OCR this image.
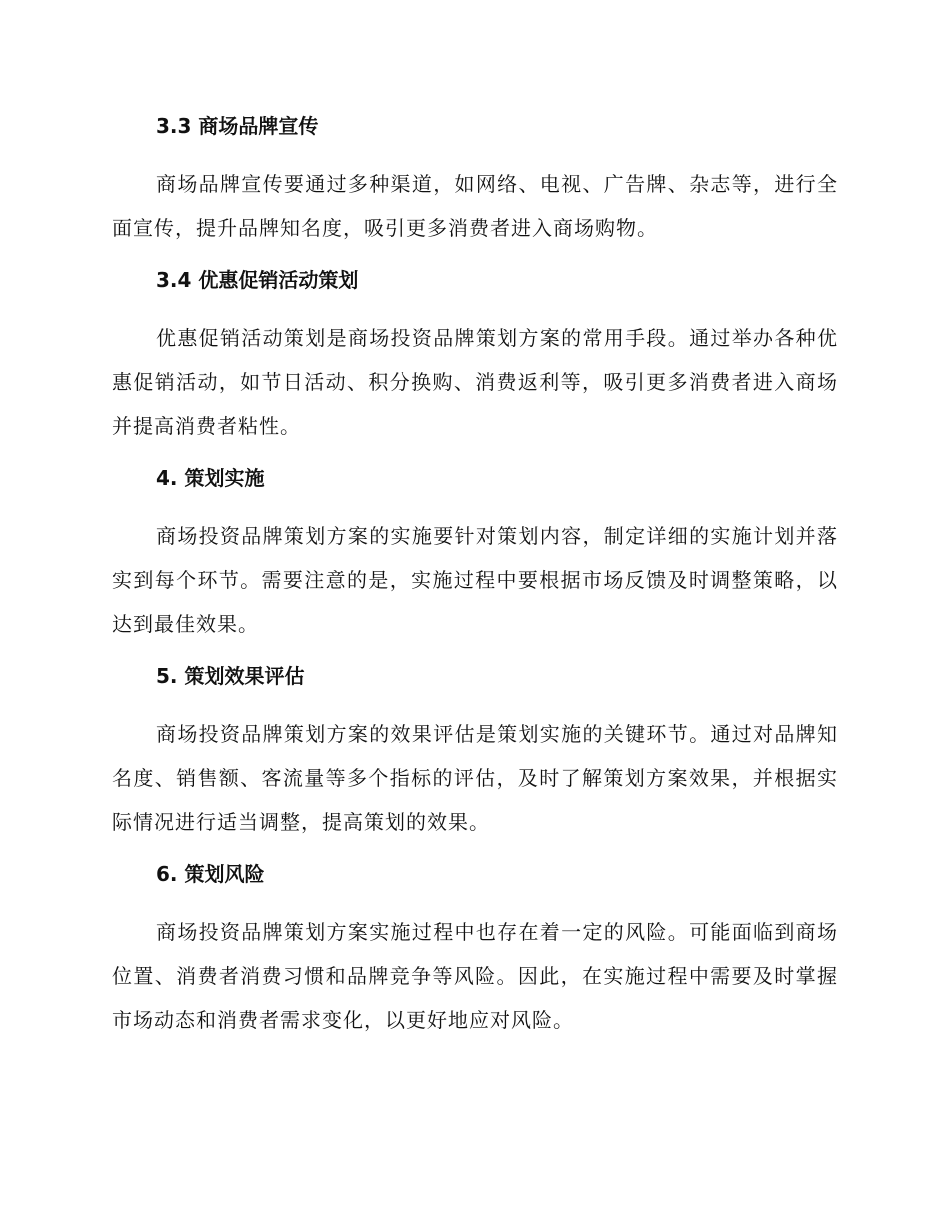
3.3 商场品牌宣传

商场品牌宣传要通过多种渠道，如网络、电视、广告牌、杂志等，进行全面宣传，提升品牌知名度，吸引更多消费者进入商场购物。

3.4 优惠促销活动策划

优惠促销活动策划是商场投资品牌策划方案的常用手段。通过举办各种优惠促销活动，如节日活动、积分换购、消费返利等，吸引更多消费者进入商场并提高消费者粘性。

4. 策划实施

商场投资品牌策划方案的实施要针对策划内容，制定详细的实施计划并落实到每个环节。需要注意的是，实施过程中要根据市场反馈及时调整策略，以达到最佳效果。

5. 策划效果评估

商场投资品牌策划方案的效果评估是策划实施的关键环节。通过对品牌知名度、销售额、客流量等多个指标的评估，及时了解策划方案效果，并根据实际情况进行适当调整，提高策划的效果。

6. 策划风险

商场投资品牌策划方案实施过程中也存在着一定的风险。可能面临到商场位置、消费者消费习惯和品牌竞争等风险。因此，在实施过程中需要及时掌握市场动态和消费者需求变化，以更好地应对风险。
